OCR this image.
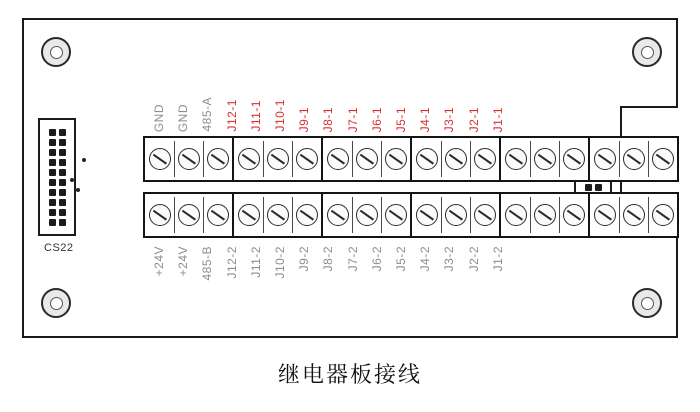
CS22
GND GND 485-A J12-1 J11-1 J10-1 J9-1 J8-1 J7-1 J6-1 J5-1 J4-1 J3-1 J2-1 J1-1
+24V +24V 485-B J12-2 J11-2 J10-2 J9-2 J8-2 J7-2 J6-2 J5-2 J4-2 J3-2 J2-2 J1-2
继电器板接线
